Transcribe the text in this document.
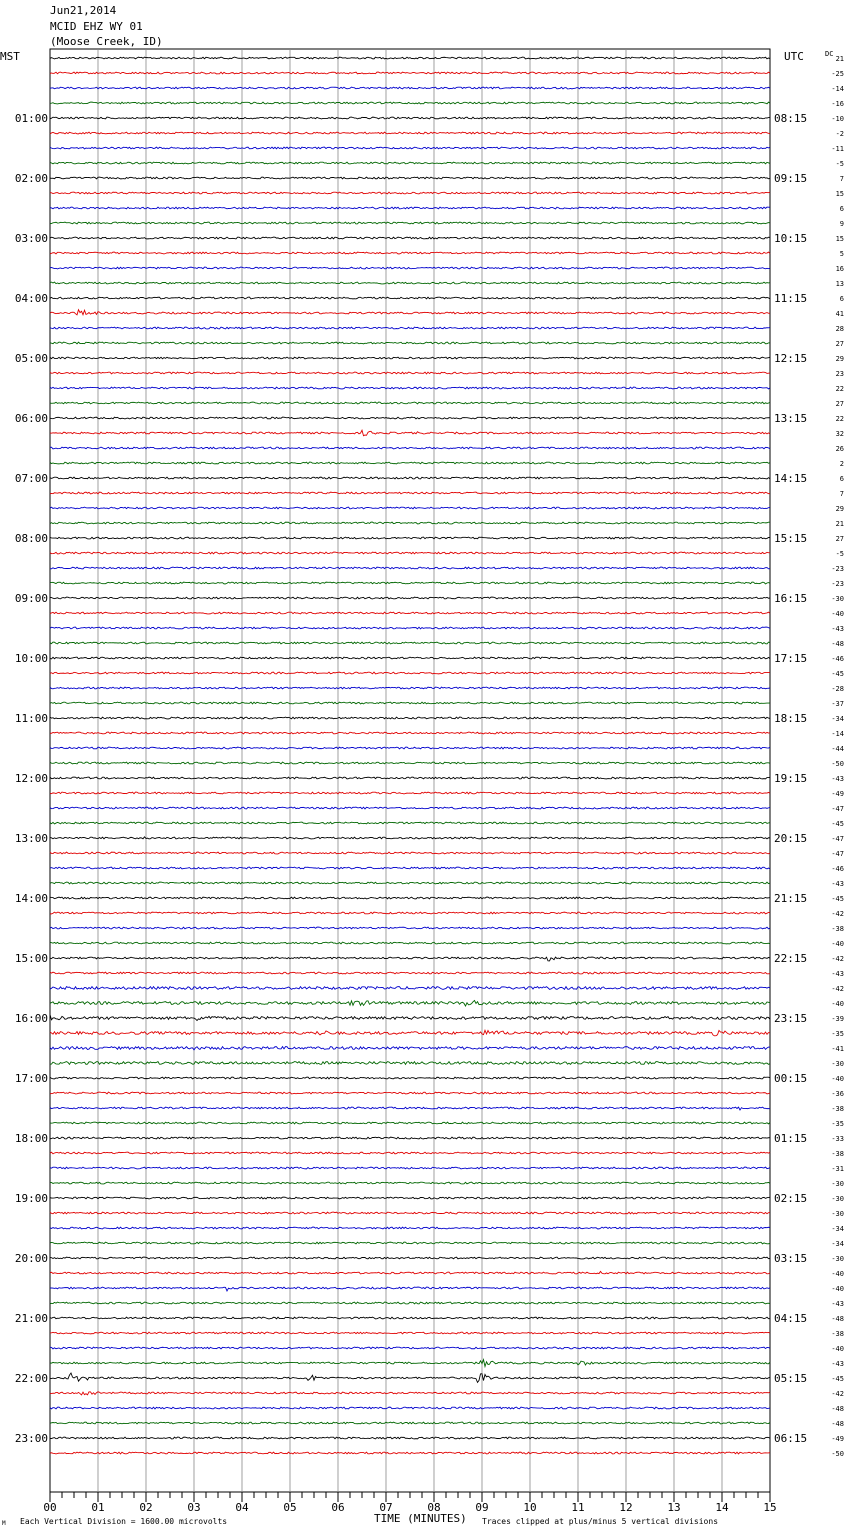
Jun21,2014
MCID EHZ WY 01
(Moose Creek, ID)
MST	UTC	DC
21
-25
-14
-16
-10
-2
-11
-5
7
15
6
9
15
5
16
13
6
41
28
27
29
23
22
27
22
32
26
2
6
7
29
21
27
-5
-23
-23
-30
-40
-43
-48
-46
-45
-28
-37
-34
-14
-44
-50
-43
-49
-47
-45
-47
-47
-46
-43
-45
-42
-38
-40
-42
-43
-42
-40
-39
-35
-41
-30
-40
-36
-38
-35
-33
-38
-31
-30
-30
-30
-34
-34
-30
-40
-40
-43
-48
-38
-40
-43
-45
-42
-48
-48
-49
-50
01:00
02:00
03:00
04:00
05:00
06:00
07:00
08:00
09:00
10:00
11:00
12:00
13:00
14:00
15:00
16:00
17:00
18:00
19:00
20:00
21:00
22:00
23:00
08:15
09:15
10:15
11:15
12:15
13:15
14:15
15:15
16:15
17:15
18:15
19:15
20:15
21:15
22:15
23:15
00:15
01:15
02:15
03:15
04:15
05:15
06:15
00	01	02	03	04	05	06	07	08	09	10	11	12	13	14	15
M Each Vertical Division = 1600.00 microvolts	TIME (MINUTES) Traces clipped at plus/minus 5 vertical divisions
